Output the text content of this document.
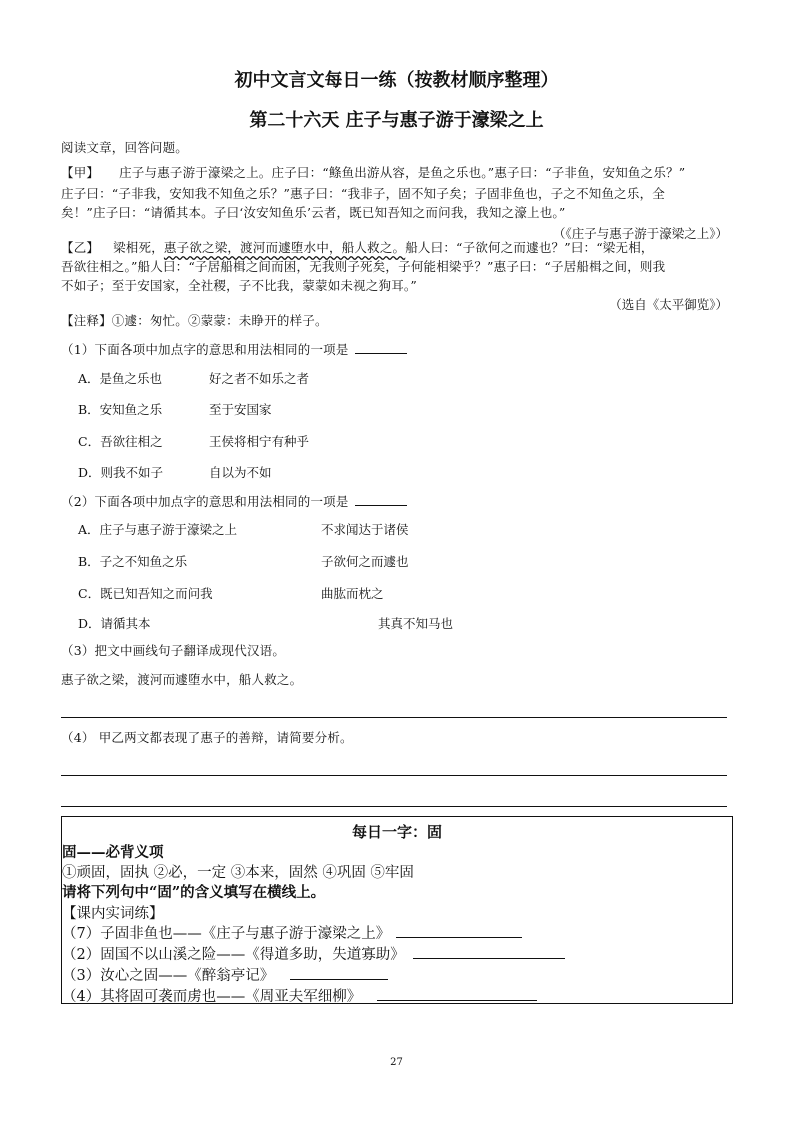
初中文言文每日一练（按教材顺序整理）
第二十六天 庄子与惠子游于濠梁之上
阅读文章，回答问题。
【甲】 庄子与惠子游于濠梁之上。庄子曰：“鲦鱼出游从容，是鱼之乐也。”惠子曰：“子非鱼，安知鱼之乐？”
庄子曰：“子非我，安知我不知鱼之乐？”惠子曰：“我非子，固不知子矣；子固非鱼也，子之不知鱼之乐，全
矣！”庄子曰：“请循其本。子曰‘汝安知鱼乐’云者，既已知吾知之而问我，我知之濠上也。”
（《庄子与惠子游于濠梁之上》）
【乙】 梁相死，惠子欲之梁，渡河而遽堕水中，船人救之。船人曰：“子欲何之而遽也？”曰：“梁无相，
吾欲往相之。”船人曰：“子居船楫之间而困，无我则子死矣，子何能相梁乎？”惠子曰：“子居船楫之间，则我
不如子；至于安国家，全社稷，子不比我，蒙蒙如未视之狗耳。”
（选自《太平御览》）
【注释】①遽：匆忙。②蒙蒙：未睁开的样子。
（1）下面各项中加点字的意思和用法相同的一项是
A．是鱼之乐也	好之者不如乐之者
B．安知鱼之乐	至于安国家
C．吾欲往相之	王侯将相宁有种乎
D．则我不如子	自以为不如
（2）下面各项中加点字的意思和用法相同的一项是
A．庄子与惠子游于濠梁之上	不求闻达于诸侯
B．子之不知鱼之乐	子欲何之而遽也
C．既已知吾知之而问我	曲肱而枕之
D．请循其本	其真不知马也
（3）把文中画线句子翻译成现代汉语。
惠子欲之梁，渡河而遽堕水中，船人救之。
（4） 甲乙两文都表现了惠子的善辩，请简要分析。
每日一字：固
固——必背义项
①顽固，固执 ②必，一定 ③本来，固然 ④巩固 ⑤牢固
请将下列句中“固”的含义填写在横线上。
【课内实词练】
（7）子固非鱼也——《庄子与惠子游于濠梁之上》
（2）固国不以山溪之险——《得道多助，失道寡助》
（3）汝心之固——《醉翁亭记》
（4）其将固可袭而虏也——《周亚夫军细柳》
27
